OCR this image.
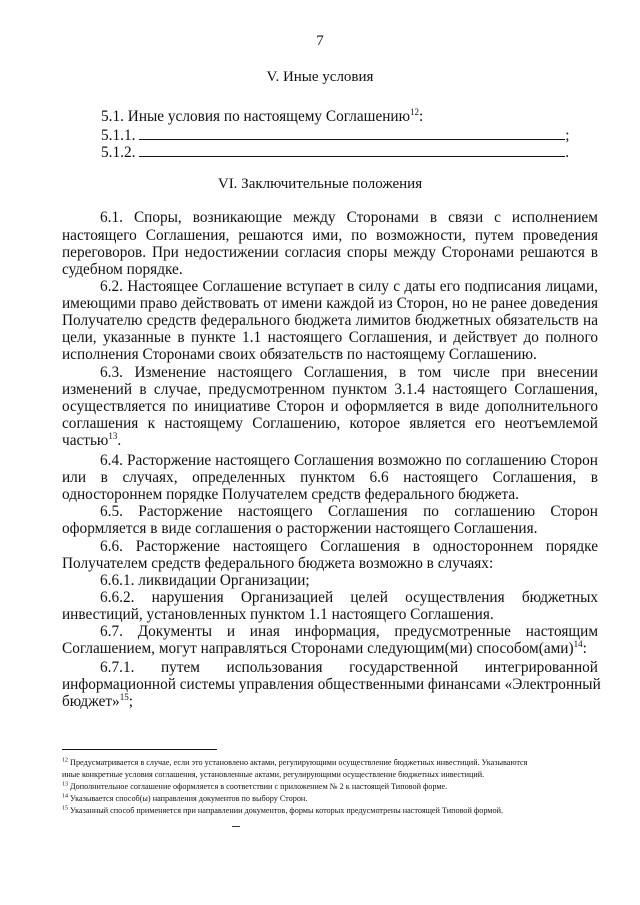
7
V. Иные условия
5.1. Иные условия по настоящему Соглашению$^{12}$:
5.1.1.	;
5.1.2.	.
VI. Заключительные положения
6.1. Споры, возникающие между Сторонами в связи с исполнением
настоящего Соглашения, решаются ими, по возможности, путем проведения
переговоров. При недостижении согласия споры между Сторонами решаются в
судебном порядке.
6.2. Настоящее Соглашение вступает в силу с даты его подписания лицами,
имеющими право действовать от имени каждой из Сторон, но не ранее доведения
Получателю средств федерального бюджета лимитов бюджетных обязательств на
цели, указанные в пункте 1.1 настоящего Соглашения, и действует до полного
исполнения Сторонами своих обязательств по настоящему Соглашению.
6.3. Изменение настоящего Соглашения, в том числе при внесении
изменений в случае, предусмотренном пунктом 3.1.4 настоящего Соглашения,
осуществляется по инициативе Сторон и оформляется в виде дополнительного
соглашения к настоящему Соглашению, которое является его неотъемлемой
частью$^{13}$.
6.4. Расторжение настоящего Соглашения возможно по соглашению Сторон
или в случаях, определенных пунктом 6.6 настоящего Соглашения, в
одностороннем порядке Получателем средств федерального бюджета.
6.5. Расторжение настоящего Соглашения по соглашению Сторон
оформляется в виде соглашения о расторжении настоящего Соглашения.
6.6. Расторжение настоящего Соглашения в одностороннем порядке
Получателем средств федерального бюджета возможно в случаях:
6.6.1. ликвидации Организации;
6.6.2. нарушения Организацией целей осуществления бюджетных
инвестиций, установленных пунктом 1.1 настоящего Соглашения.
6.7. Документы и иная информация, предусмотренные настоящим
Соглашением, могут направляться Сторонами следующим(ми) способом(ами)$^{14}$:
6.7.1. путем использования государственной интегрированной
информационной системы управления общественными финансами «Электронный
бюджет»$^{15}$;
$^{12}$ Предусматривается в случае, если это установлено актами, регулирующими осуществление бюджетных инвестиций. Указываются
иные конкретные условия соглашения, установленные актами, регулирующими осуществление бюджетных инвестиций.
$^{13}$ Дополнительное соглашение оформляется в соответствии с приложением № 2 к настоящей Типовой форме.
$^{14}$ Указывается способ(ы) направления документов по выбору Сторон.
$^{15}$ Указанный способ применяется при направлении документов, формы которых предусмотрены настоящей Типовой формой.
